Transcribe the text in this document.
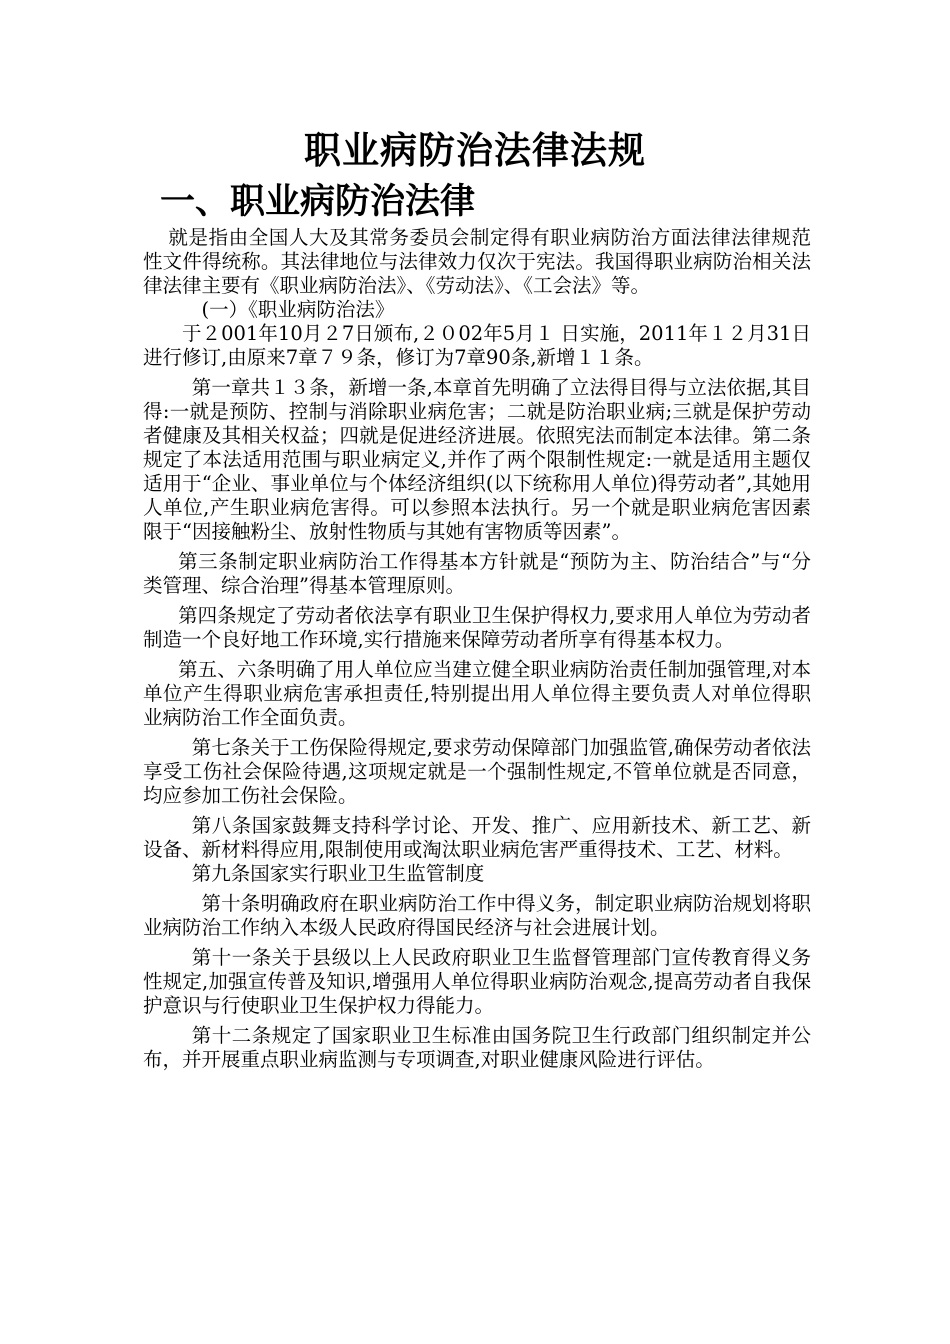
职业病防治法律法规
一、职业病防治法律

就是指由全国人大及其常务委员会制定得有职业病防治方面法律法律规范性文件得统称。其法律地位与法律效力仅次于宪法。我国得职业病防治相关法律法律主要有《职业病防治法》、《劳动法》、《工会法》等。

(一）《职业病防治法》

于２001年10月２7日颁布,２０02年5月１ 日实施，2011年１２月31日进行修订,由原来7章７９条，修订为7章90条,新增１１条。

第一章共１３条，新增一条,本章首先明确了立法得目得与立法依据,其目得:一就是预防、控制与消除职业病危害；二就是防治职业病;三就是保护劳动者健康及其相关权益；四就是促进经济进展。依照宪法而制定本法律。第二条规定了本法适用范围与职业病定义,并作了两个限制性规定:一就是适用主题仅适用于“企业、事业单位与个体经济组织(以下统称用人单位)得劳动者”,其她用人单位,产生职业病危害得。可以参照本法执行。另一个就是职业病危害因素限于“因接触粉尘、放射性物质与其她有害物质等因素”。

第三条制定职业病防治工作得基本方针就是“预防为主、防治结合”与“分类管理、综合治理”得基本管理原则。

第四条规定了劳动者依法享有职业卫生保护得权力,要求用人单位为劳动者制造一个良好地工作环境,实行措施来保障劳动者所享有得基本权力。

第五、六条明确了用人单位应当建立健全职业病防治责任制加强管理,对本单位产生得职业病危害承担责任,特别提出用人单位得主要负责人对单位得职业病防治工作全面负责。

第七条关于工伤保险得规定,要求劳动保障部门加强监管,确保劳动者依法享受工伤社会保险待遇,这项规定就是一个强制性规定,不管单位就是否同意，均应参加工伤社会保险。

第八条国家鼓舞支持科学讨论、开发、推广、应用新技术、新工艺、新设备、新材料得应用,限制使用或淘汰职业病危害严重得技术、工艺、材料。

第九条国家实行职业卫生监管制度

第十条明确政府在职业病防治工作中得义务，制定职业病防治规划将职业病防治工作纳入本级人民政府得国民经济与社会进展计划。

第十一条关于县级以上人民政府职业卫生监督管理部门宣传教育得义务性规定,加强宣传普及知识,增强用人单位得职业病防治观念,提高劳动者自我保护意识与行使职业卫生保护权力得能力。

第十二条规定了国家职业卫生标准由国务院卫生行政部门组织制定并公布，并开展重点职业病监测与专项调查,对职业健康风险进行评估。
